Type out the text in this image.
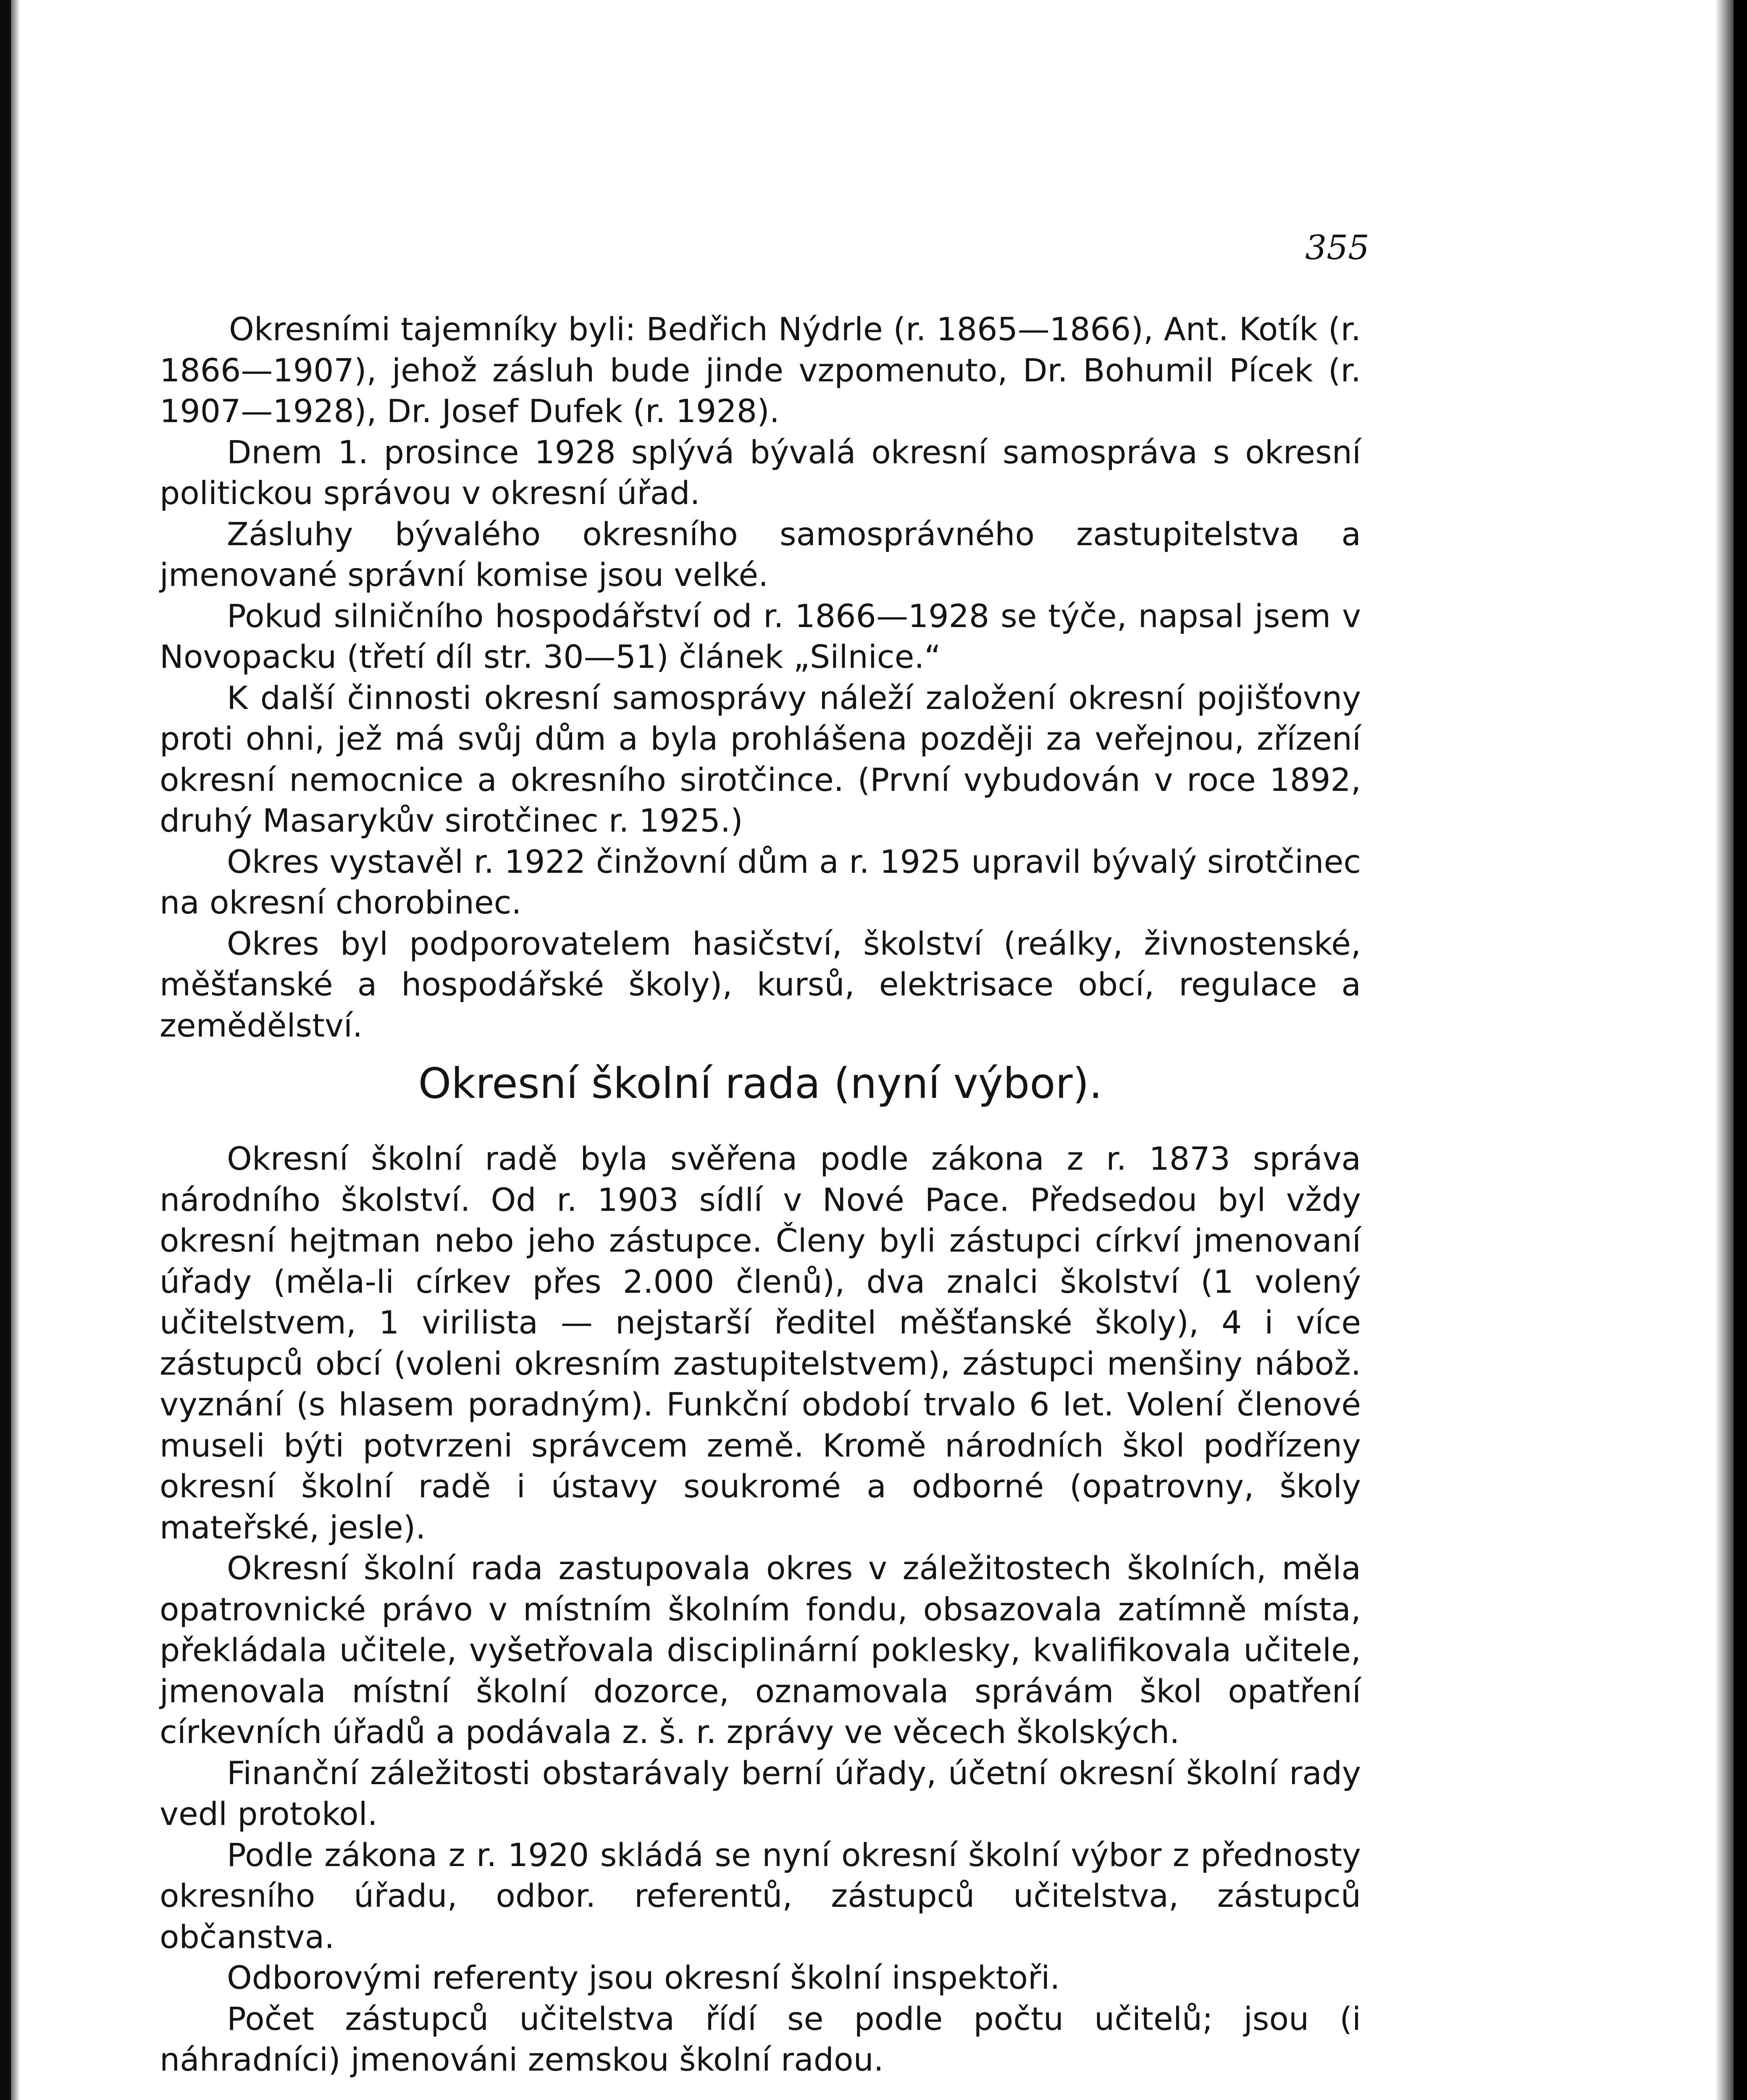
355

Okresními tajemníky byli: Bedřich Nýdrle (r. 1865—1866), Ant. Kotík (r. 1866—1907), jehož zásluh bude jinde vzpomenuto, Dr. Bohumil Pícek (r. 1907—1928), Dr. Josef Dufek (r. 1928).

Dnem 1. prosince 1928 splývá bývalá okresní samospráva s okresní politickou správou v okresní úřad.

Zásluhy bývalého okresního samosprávného zastupitelstva a jmenované správní komise jsou velké.

Pokud silničního hospodářství od r. 1866—1928 se týče, napsal jsem v Novopacku (třetí díl str. 30—51) článek „Silnice.“

K další činnosti okresní samosprávy náleží založení okresní pojišťovny proti ohni, jež má svůj dům a byla prohlášena později za veřejnou, zřízení okresní nemocnice a okresního sirotčince. (První vybudován v roce 1892, druhý Masarykův sirotčinec r. 1925.)

Okres vystavěl r. 1922 činžovní dům a r. 1925 upravil bývalý sirotčinec na okresní chorobinec.

Okres byl podporovatelem hasičství, školství (reálky, živnostenské, měšťanské a hospodářské školy), kursů, elektrisace obcí, regulace a zemědělství.

Okresní školní rada (nyní výbor).

Okresní školní radě byla svěřena podle zákona z r. 1873 správa národního školství. Od r. 1903 sídlí v Nové Pace. Předsedou byl vždy okresní hejtman nebo jeho zástupce. Členy byli zástupci církví jmenovaní úřady (měla-li církev přes 2.000 členů), dva znalci školství (1 volený učitelstvem, 1 virilista — nejstarší ředitel měšťanské školy), 4 i více zástupců obcí (voleni okresním zastupitelstvem), zástupci menšiny nábož. vyznání (s hlasem poradným). Funkční období trvalo 6 let. Volení členové museli býti potvrzeni správcem země. Kromě národních škol podřízeny okresní školní radě i ústavy soukromé a odborné (opatrovny, školy mateřské, jesle).

Okresní školní rada zastupovala okres v záležitostech školních, měla opatrovnické právo v místním školním fondu, obsazovala zatímně místa, překládala učitele, vyšetřovala disciplinární poklesky, kvalifikovala učitele, jmenovala místní školní dozorce, oznamovala správám škol opatření církevních úřadů a podávala z. š. r. zprávy ve věcech školských.

Finanční záležitosti obstarávaly berní úřady, účetní okresní školní rady vedl protokol.

Podle zákona z r. 1920 skládá se nyní okresní školní výbor z přednosty okresního úřadu, odbor. referentů, zástupců učitelstva, zástupců občanstva.

Odborovými referenty jsou okresní školní inspektoři.

Počet zástupců učitelstva řídí se podle počtu učitelů; jsou (i náhradníci) jmenováni zemskou školní radou.
